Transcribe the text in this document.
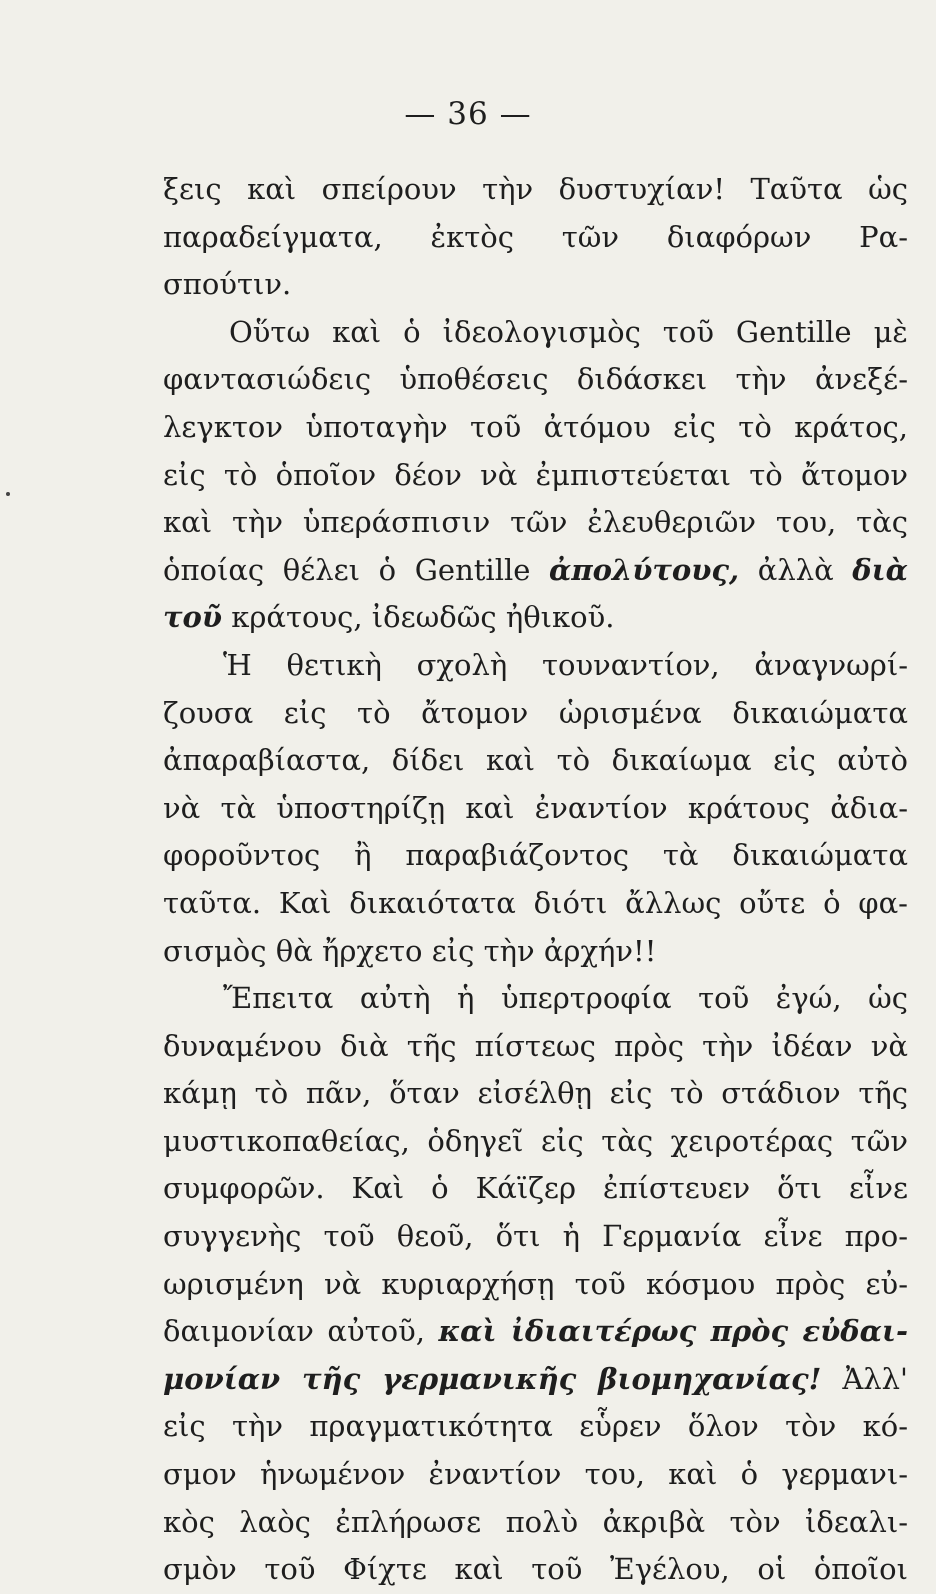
— 36 —
ξεις καὶ σπείρουν τὴν δυστυχίαν! Ταῦτα ὡς
παραδείγματα, ἐκτὸς τῶν διαφόρων Ρα-
σπούτιν.
Οὕτω καὶ ὁ ἰδεολογισμὸς τοῦ Gentille μὲ
φαντασιώδεις ὑποθέσεις διδάσκει τὴν ἀνεξέ-
λεγκτον ὑποταγὴν τοῦ ἀτόμου εἰς τὸ κράτος,
εἰς τὸ ὁποῖον δέον νὰ ἐμπιστεύεται τὸ ἄτομον
καὶ τὴν ὑπεράσπισιν τῶν ἐλευθεριῶν του, τὰς
ὁποίας θέλει ὁ Gentille ἀπολύτους, ἀλλὰ διὰ
τοῦ κράτους, ἰδεωδῶς ἠθικοῦ.
Ἡ θετικὴ σχολὴ τουναντίον, ἀναγνωρί-
ζουσα εἰς τὸ ἄτομον ὡρισμένα δικαιώματα
ἀπαραβίαστα, δίδει καὶ τὸ δικαίωμα εἰς αὐτὸ
νὰ τὰ ὑποστηρίζῃ καὶ ἐναντίον κράτους ἀδια-
φοροῦντος ἢ παραβιάζοντος τὰ δικαιώματα
ταῦτα. Καὶ δικαιότατα διότι ἄλλως οὔτε ὁ φα-
σισμὸς θὰ ἤρχετο εἰς τὴν ἀρχήν!!
Ἔπειτα αὐτὴ ἡ ὑπερτροφία τοῦ ἐγώ, ὡς
δυναμένου διὰ τῆς πίστεως πρὸς τὴν ἰδέαν νὰ
κάμῃ τὸ πᾶν, ὅταν εἰσέλθῃ εἰς τὸ στάδιον τῆς
μυστικοπαθείας, ὁδηγεῖ εἰς τὰς χειροτέρας τῶν
συμφορῶν. Καὶ ὁ Κάϊζερ ἐπίστευεν ὅτι εἶνε
συγγενὴς τοῦ θεοῦ, ὅτι ἡ Γερμανία εἶνε προ-
ωρισμένη νὰ κυριαρχήσῃ τοῦ κόσμου πρὸς εὐ-
δαιμονίαν αὐτοῦ, καὶ ἰδιαιτέρως πρὸς εὐδαι-
μονίαν τῆς γερμανικῆς βιομηχανίας! Ἀλλ'
εἰς τὴν πραγματικότητα εὗρεν ὅλον τὸν κό-
σμον ἡνωμένον ἐναντίον του, καὶ ὁ γερμανι-
κὸς λαὸς ἐπλήρωσε πολὺ ἀκριβὰ τὸν ἰδεαλι-
σμὸν τοῦ Φίχτε καὶ τοῦ Ἐγέλου, οἱ ὁποῖοι
